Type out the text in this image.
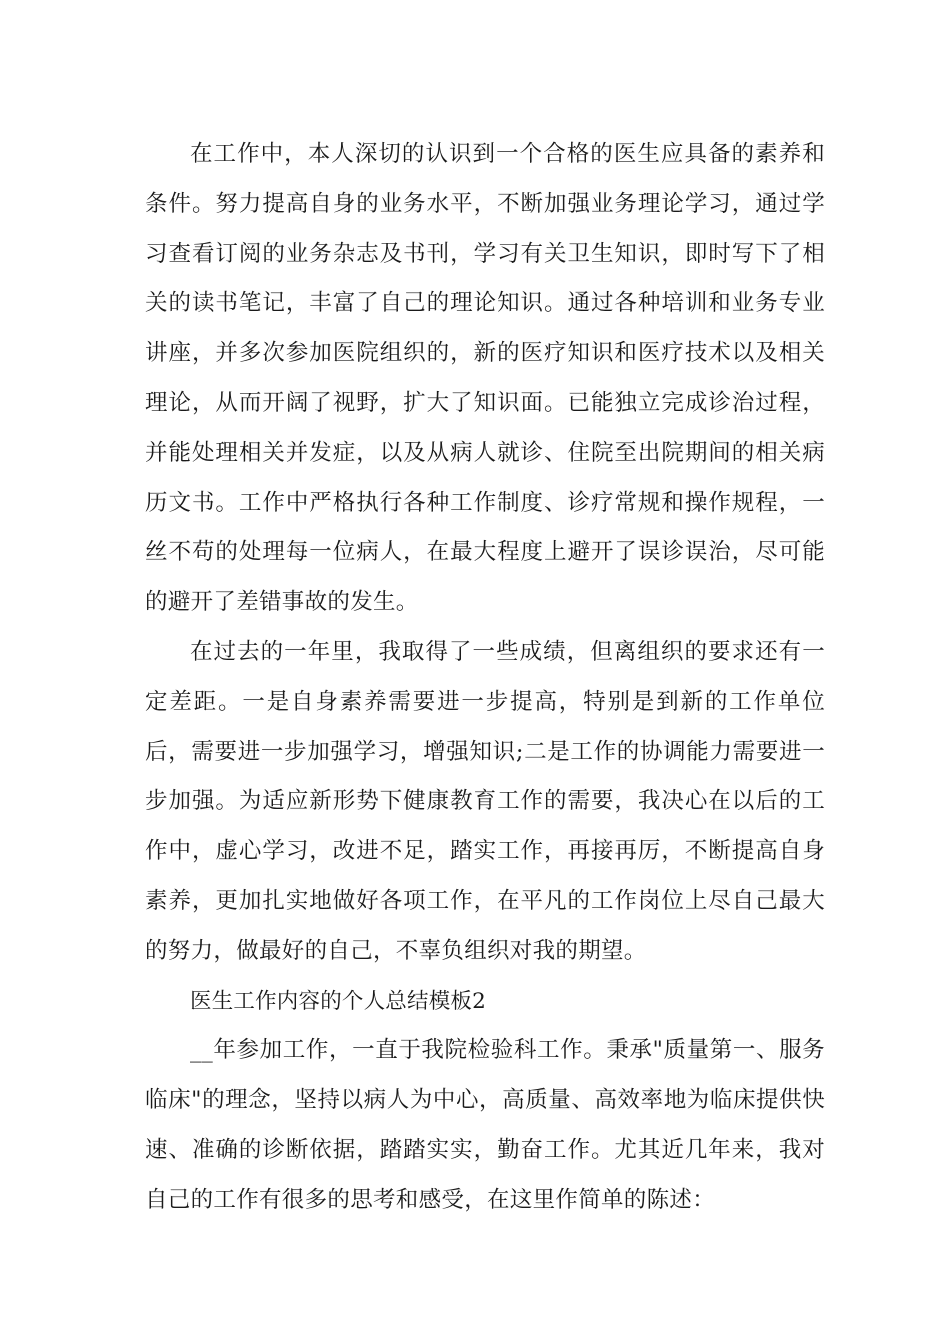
在工作中，本人深切的认识到一个合格的医生应具备的素养和条件。努力提高自身的业务水平，不断加强业务理论学习，通过学习查看订阅的业务杂志及书刊，学习有关卫生知识，即时写下了相关的读书笔记，丰富了自己的理论知识。通过各种培训和业务专业讲座，并多次参加医院组织的，新的医疗知识和医疗技术以及相关理论，从而开阔了视野，扩大了知识面。已能独立完成诊治过程，并能处理相关并发症，以及从病人就诊、住院至出院期间的相关病历文书。工作中严格执行各种工作制度、诊疗常规和操作规程，一丝不苟的处理每一位病人，在最大程度上避开了误诊误治，尽可能的避开了差错事故的发生。

在过去的一年里，我取得了一些成绩，但离组织的要求还有一定差距。一是自身素养需要进一步提高，特别是到新的工作单位后，需要进一步加强学习，增强知识;二是工作的协调能力需要进一步加强。为适应新形势下健康教育工作的需要，我决心在以后的工作中，虚心学习，改进不足，踏实工作，再接再厉，不断提高自身素养，更加扎实地做好各项工作，在平凡的工作岗位上尽自己最大的努力，做最好的自己，不辜负组织对我的期望。

医生工作内容的个人总结模板2

__年参加工作，一直于我院检验科工作。秉承"质量第一、服务临床"的理念，坚持以病人为中心，高质量、高效率地为临床提供快速、准确的诊断依据，踏踏实实，勤奋工作。尤其近几年来，我对自己的工作有很多的思考和感受，在这里作简单的陈述：
